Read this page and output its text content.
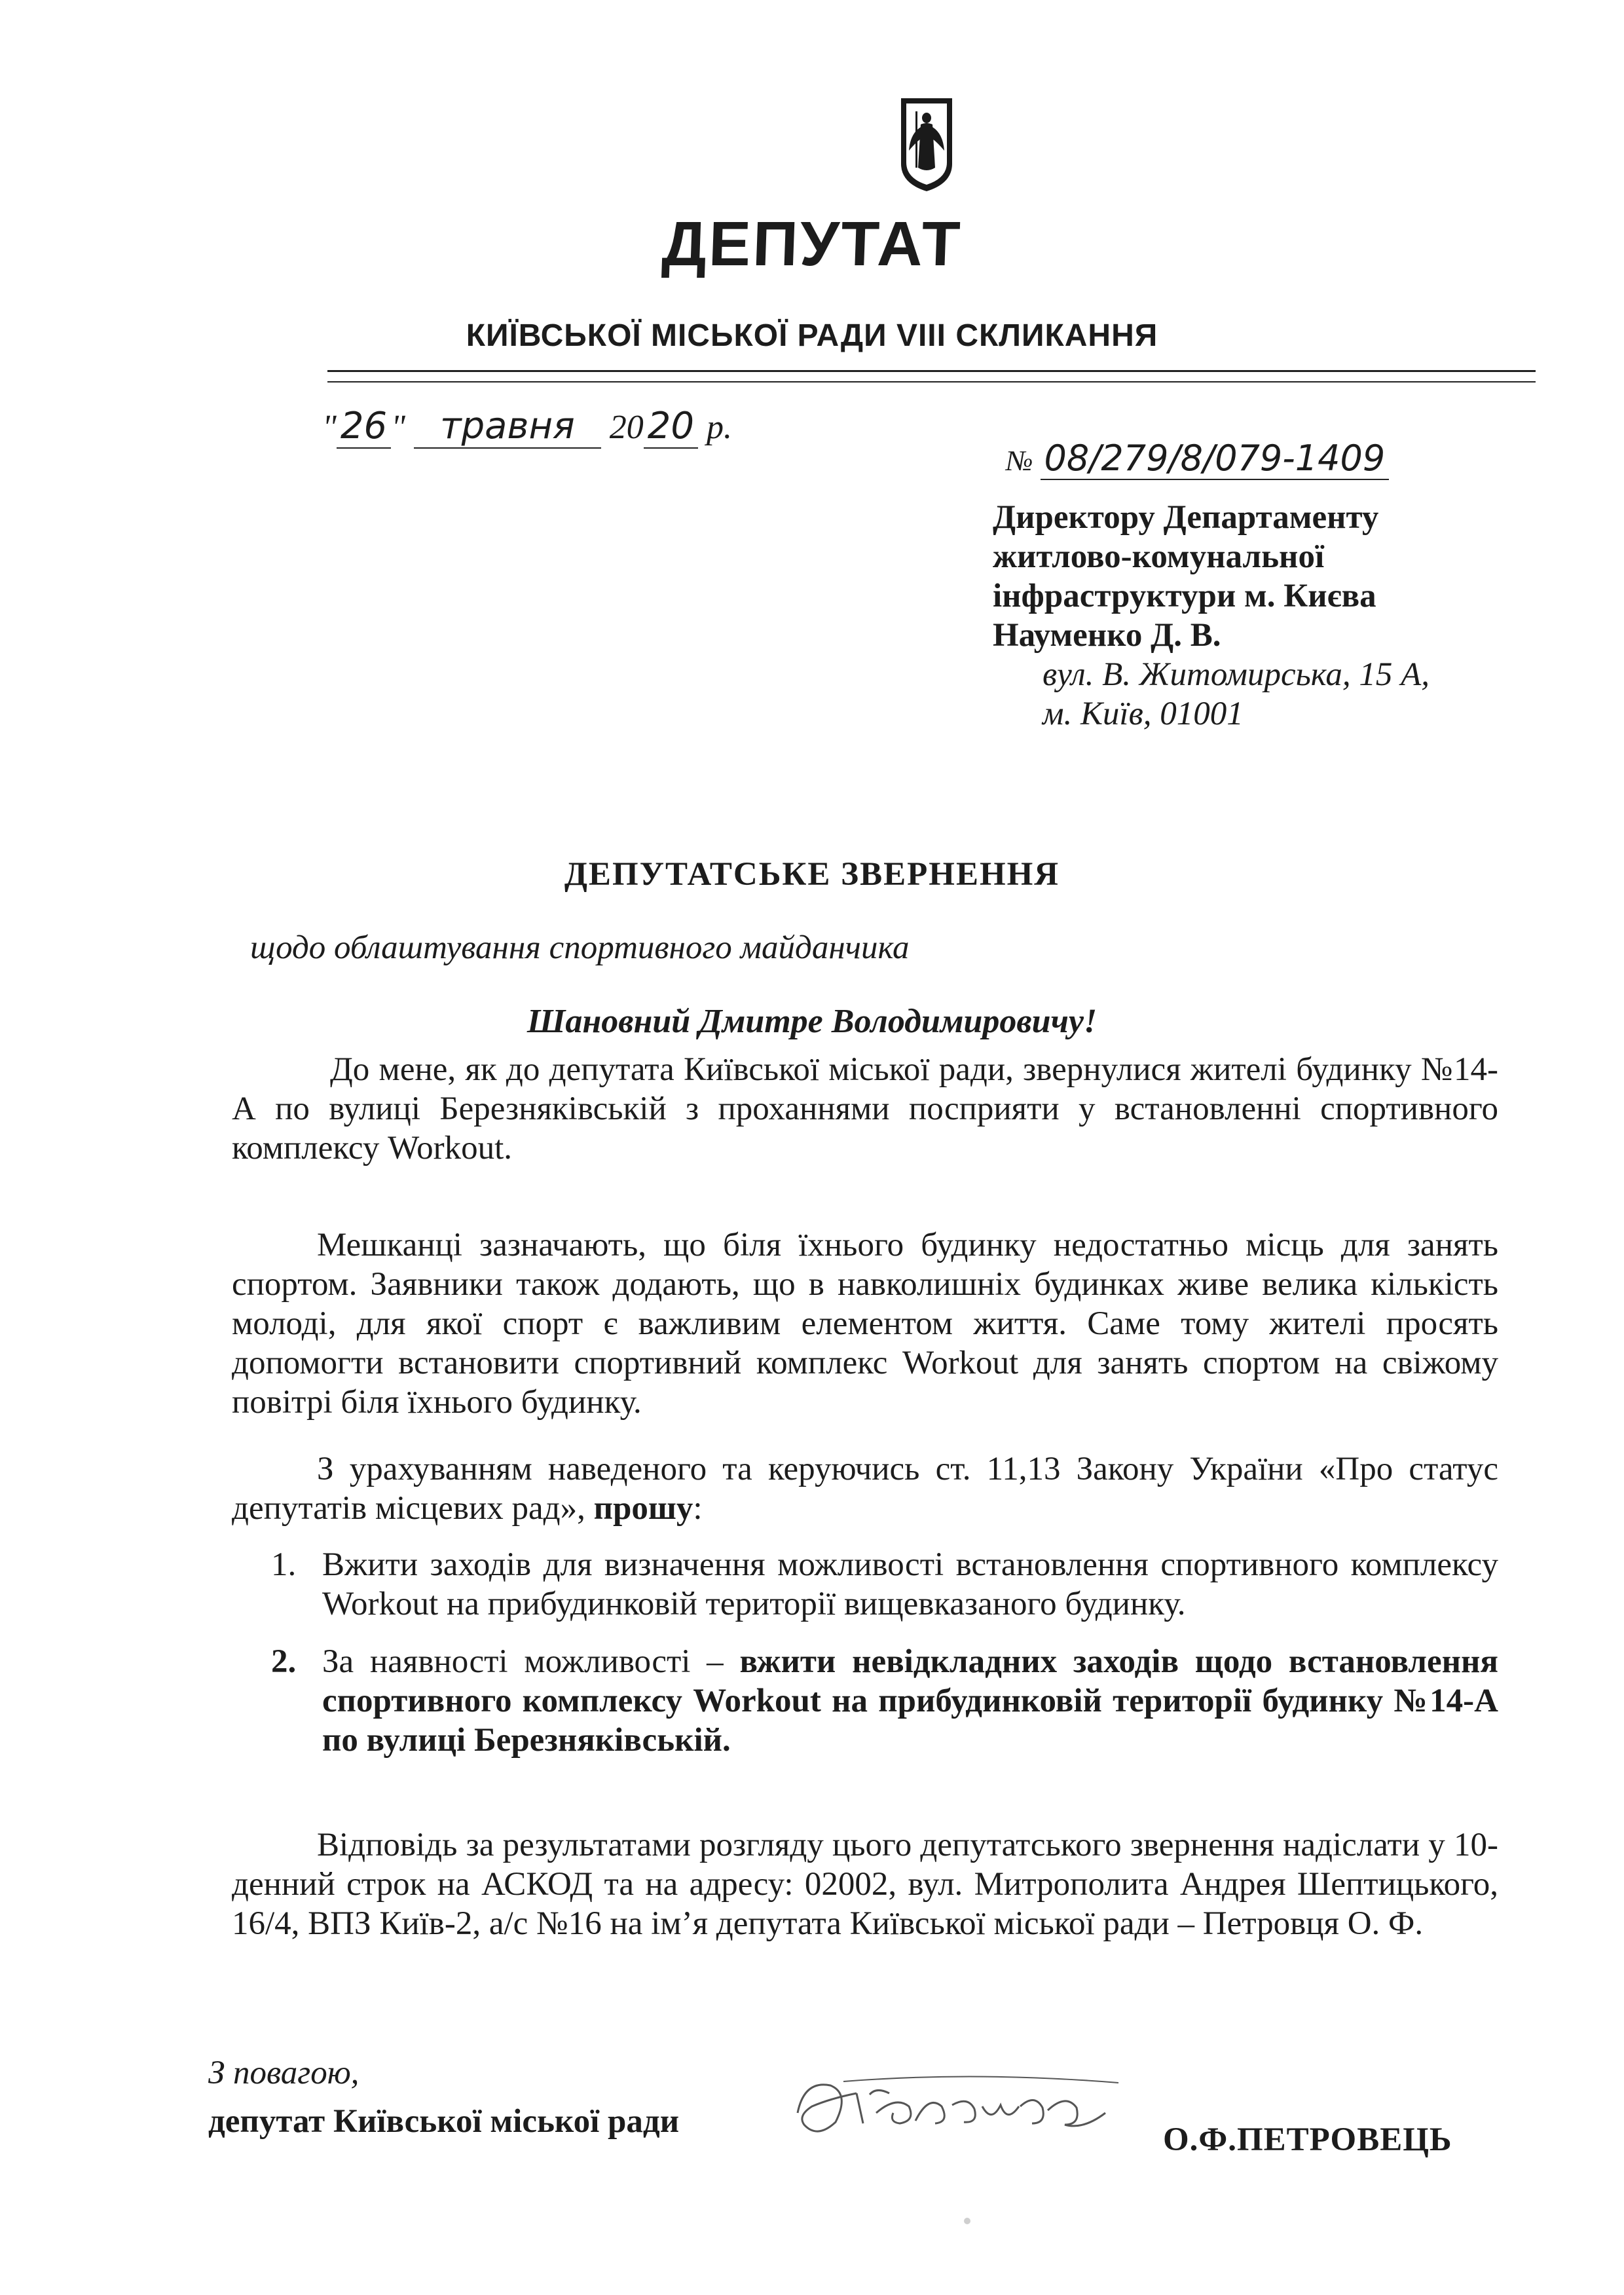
ДЕПУТАТ
КИЇВСЬКОЇ МІСЬКОЇ РАДИ VIII СКЛИКАННЯ
" 26 " травня 20 20 р.
№ 08/279/8/079-1409
Директору Департаменту
житлово-комунальної
інфраструктури м. Києва
Науменко Д. В.
вул. В. Житомирська, 15 А,
м. Київ, 01001
ДЕПУТАТСЬКЕ ЗВЕРНЕННЯ
щодо облаштування спортивного майданчика
Шановний Дмитре Володимировичу!
До мене, як до депутата Київської міської ради, звернулися жителі будинку №14-А по вулиці Березняківській з проханнями посприяти у встановленні спортивного комплексу Workout.
Мешканці зазначають, що біля їхнього будинку недостатньо місць для занять спортом. Заявники також додають, що в навколишніх будинках живе велика кількість молоді, для якої спорт є важливим елементом життя. Саме тому жителі просять допомогти встановити спортивний комплекс Workout для занять спортом на свіжому повітрі біля їхнього будинку.
З урахуванням наведеного та керуючись ст. 11,13 Закону України «Про статус депутатів місцевих рад», прошу:
1. Вжити заходів для визначення можливості встановлення спортивного комплексу Workout на прибудинковій території вищевказаного будинку.
2. За наявності можливості – вжити невідкладних заходів щодо встановлення спортивного комплексу Workout на прибудинковій території будинку №14-А по вулиці Березняківській.
Відповідь за результатами розгляду цього депутатського звернення надіслати у 10-денний строк на АСКОД та на адресу: 02002, вул. Митрополита Андрея Шептицького, 16/4, ВПЗ Київ-2, а/с №16 на ім’я депутата Київської міської ради – Петровця О. Ф.
З повагою,
депутат Київської міської ради	О.Ф.ПЕТРОВЕЦЬ
